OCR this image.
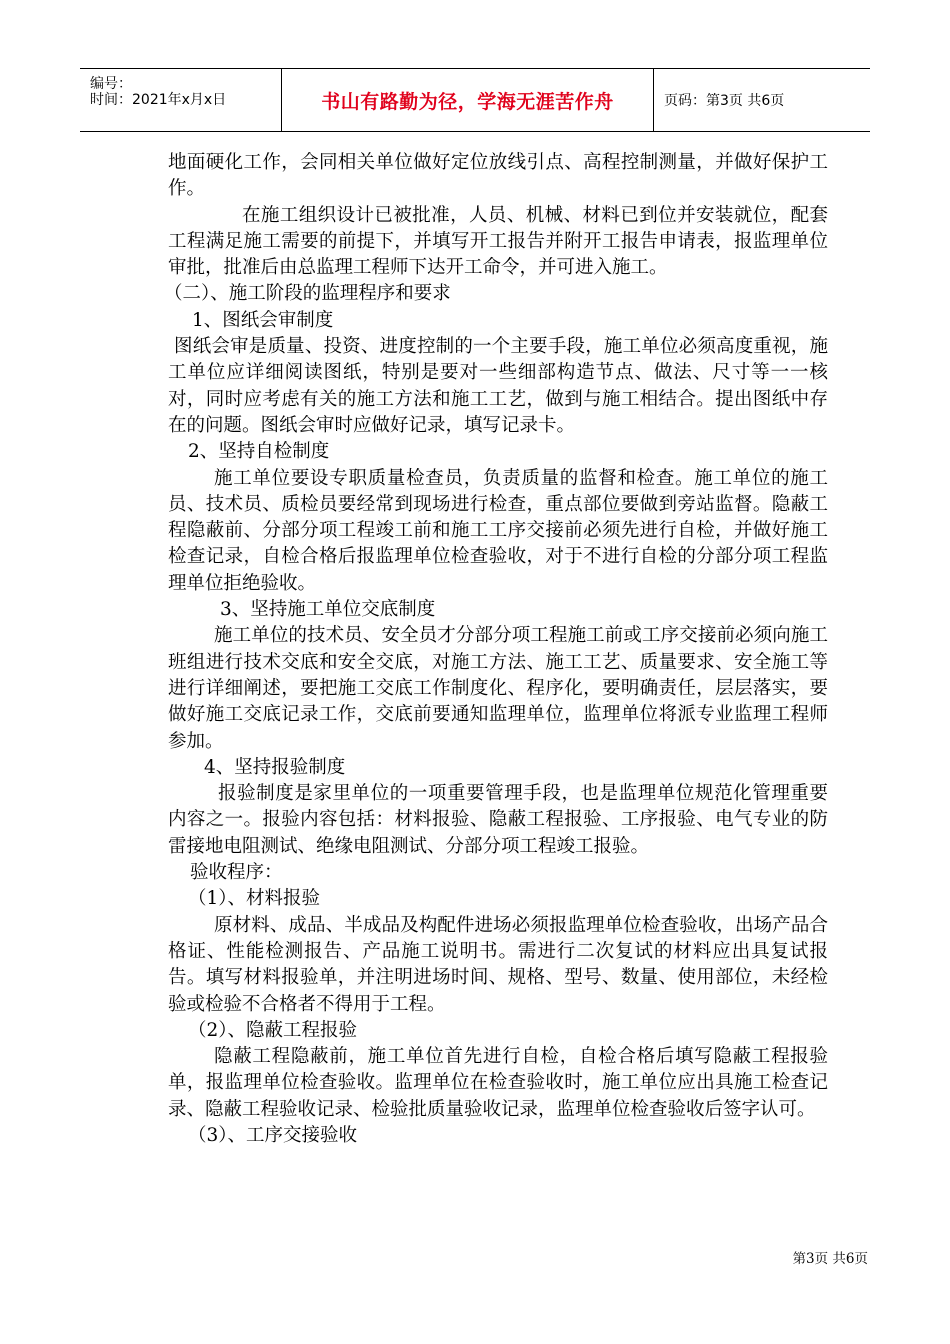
编号：
时间：2021年x月x日	书山有路勤为径，学海无涯苦作舟	页码：第3页 共6页

地面硬化工作，会同相关单位做好定位放线引点、高程控制测量，并做好保护工作。

在施工组织设计已被批准，人员、机械、材料已到位并安装就位，配套工程满足施工需要的前提下，并填写开工报告并附开工报告申请表，报监理单位审批，批准后由总监理工程师下达开工命令，并可进入施工。

（二）、施工阶段的监理程序和要求

1、图纸会审制度

图纸会审是质量、投资、进度控制的一个主要手段，施工单位必须高度重视，施工单位应详细阅读图纸，特别是要对一些细部构造节点、做法、尺寸等一一核对，同时应考虑有关的施工方法和施工工艺，做到与施工相结合。提出图纸中存在的问题。图纸会审时应做好记录，填写记录卡。

2、坚持自检制度

施工单位要设专职质量检查员，负责质量的监督和检查。施工单位的施工员、技术员、质检员要经常到现场进行检查，重点部位要做到旁站监督。隐蔽工程隐蔽前、分部分项工程竣工前和施工工序交接前必须先进行自检，并做好施工检查记录，自检合格后报监理单位检查验收，对于不进行自检的分部分项工程监理单位拒绝验收。

3、坚持施工单位交底制度

施工单位的技术员、安全员才分部分项工程施工前或工序交接前必须向施工班组进行技术交底和安全交底，对施工方法、施工工艺、质量要求、安全施工等进行详细阐述，要把施工交底工作制度化、程序化，要明确责任，层层落实，要做好施工交底记录工作，交底前要通知监理单位，监理单位将派专业监理工程师参加。

4、坚持报验制度

报验制度是家里单位的一项重要管理手段，也是监理单位规范化管理重要内容之一。报验内容包括：材料报验、隐蔽工程报验、工序报验、电气专业的防雷接地电阻测试、绝缘电阻测试、分部分项工程竣工报验。

验收程序：

（1）、材料报验

原材料、成品、半成品及构配件进场必须报监理单位检查验收，出场产品合格证、性能检测报告、产品施工说明书。需进行二次复试的材料应出具复试报告。填写材料报验单，并注明进场时间、规格、型号、数量、使用部位，未经检验或检验不合格者不得用于工程。

（2）、隐蔽工程报验

隐蔽工程隐蔽前，施工单位首先进行自检，自检合格后填写隐蔽工程报验单，报监理单位检查验收。监理单位在检查验收时，施工单位应出具施工检查记录、隐蔽工程验收记录、检验批质量验收记录，监理单位检查验收后签字认可。

（3）、工序交接验收

第3页 共6页
